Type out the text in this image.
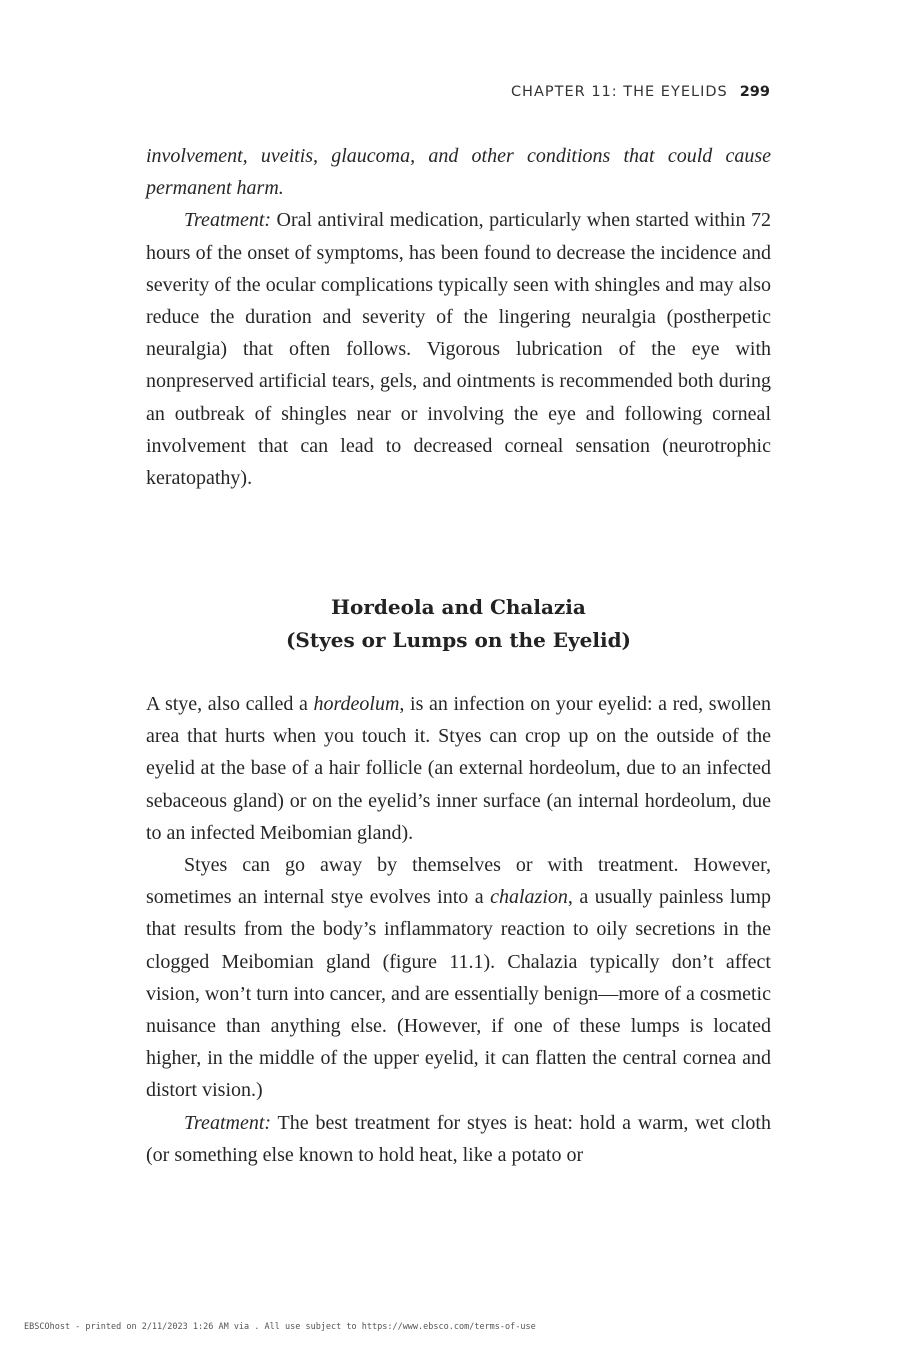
CHAPTER 11: THE EYELIDS 299

involvement, uveitis, glaucoma, and other conditions that could cause permanent harm.

Treatment: Oral antiviral medication, particularly when started within 72 hours of the onset of symptoms, has been found to decrease the incidence and severity of the ocular complications typically seen with shingles and may also reduce the duration and severity of the lingering neuralgia (postherpetic neuralgia) that often follows. Vigorous lubrication of the eye with nonpreserved artificial tears, gels, and ointments is recommended both during an outbreak of shingles near or involving the eye and following corneal involvement that can lead to decreased corneal sensation (neurotrophic keratopathy).

Hordeola and Chalazia
(Styes or Lumps on the Eyelid)

A stye, also called a hordeolum, is an infection on your eyelid: a red, swollen area that hurts when you touch it. Styes can crop up on the outside of the eyelid at the base of a hair follicle (an external hordeolum, due to an infected sebaceous gland) or on the eyelid’s inner surface (an internal hordeolum, due to an infected Meibomian gland).

Styes can go away by themselves or with treatment. However, sometimes an internal stye evolves into a chalazion, a usually painless lump that results from the body’s inflammatory reaction to oily secretions in the clogged Meibomian gland (figure 11.1). Chalazia typically don’t affect vision, won’t turn into cancer, and are essentially benign—more of a cosmetic nuisance than anything else. (However, if one of these lumps is located higher, in the middle of the upper eyelid, it can flatten the central cornea and distort vision.)

Treatment: The best treatment for styes is heat: hold a warm, wet cloth (or something else known to hold heat, like a potato or

EBSCOhost - printed on 2/11/2023 1:26 AM via . All use subject to https://www.ebsco.com/terms-of-use
